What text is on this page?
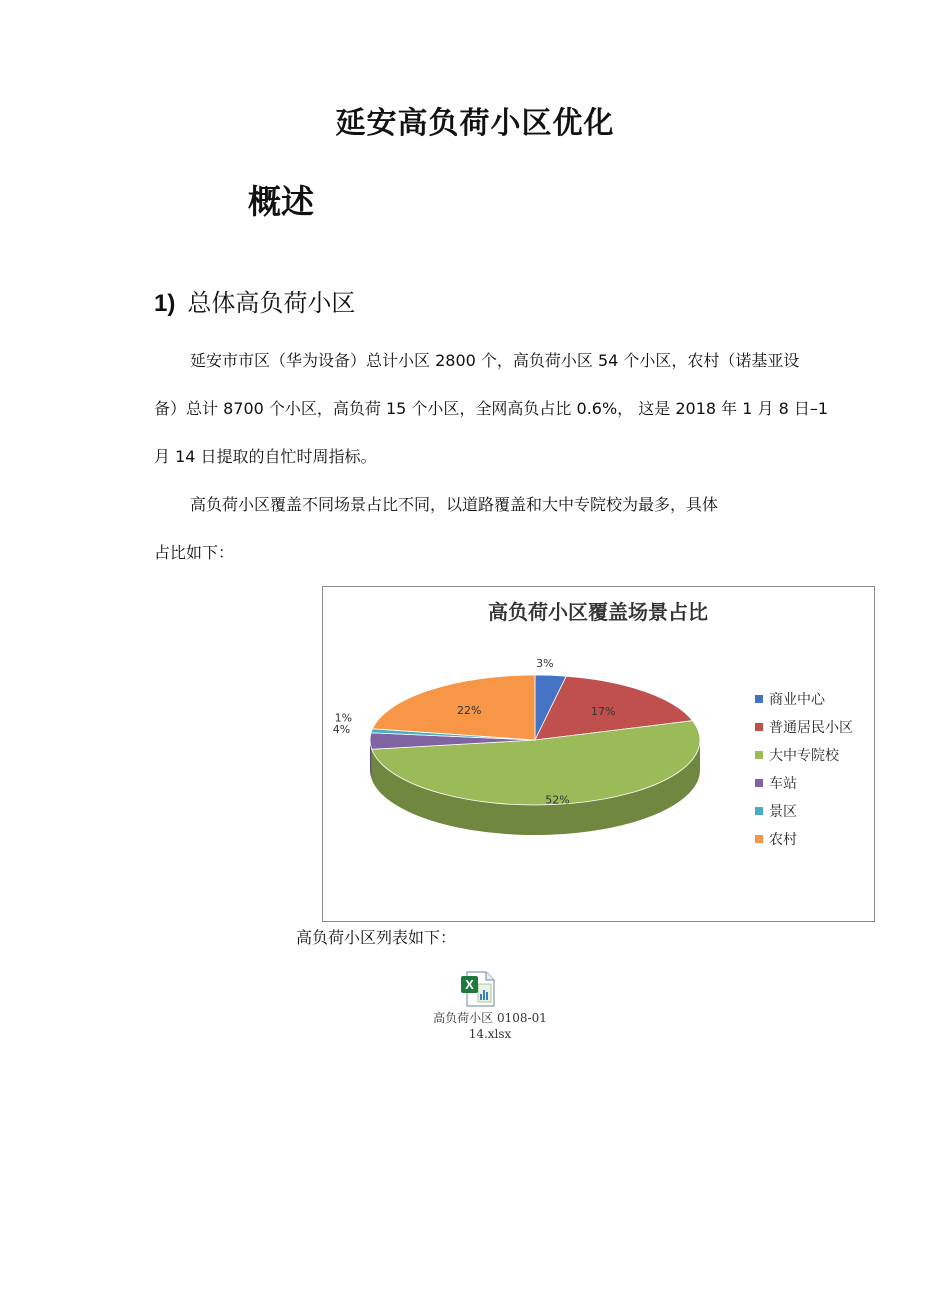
延安高负荷小区优化
概述
1) 总体高负荷小区
延安市市区（华为设备）总计小区 2800 个，高负荷小区 54 个小区，农村（诺基亚设
备）总计 8700 个小区，高负荷 15 个小区，全网高负占比 0.6%， 这是 2018 年 1 月 8 日–1
月 14 日提取的自忙时周指标。
高负荷小区覆盖不同场景占比不同，以道路覆盖和大中专院校为最多，具体
占比如下：
高负荷小区覆盖场景占比
3%
17%
52%
4%
1%
22%
商业中心
普通居民小区
大中专院校
车站
景区
农村
高负荷小区列表如下：
X
高负荷小区 0108-01
14.xlsx
